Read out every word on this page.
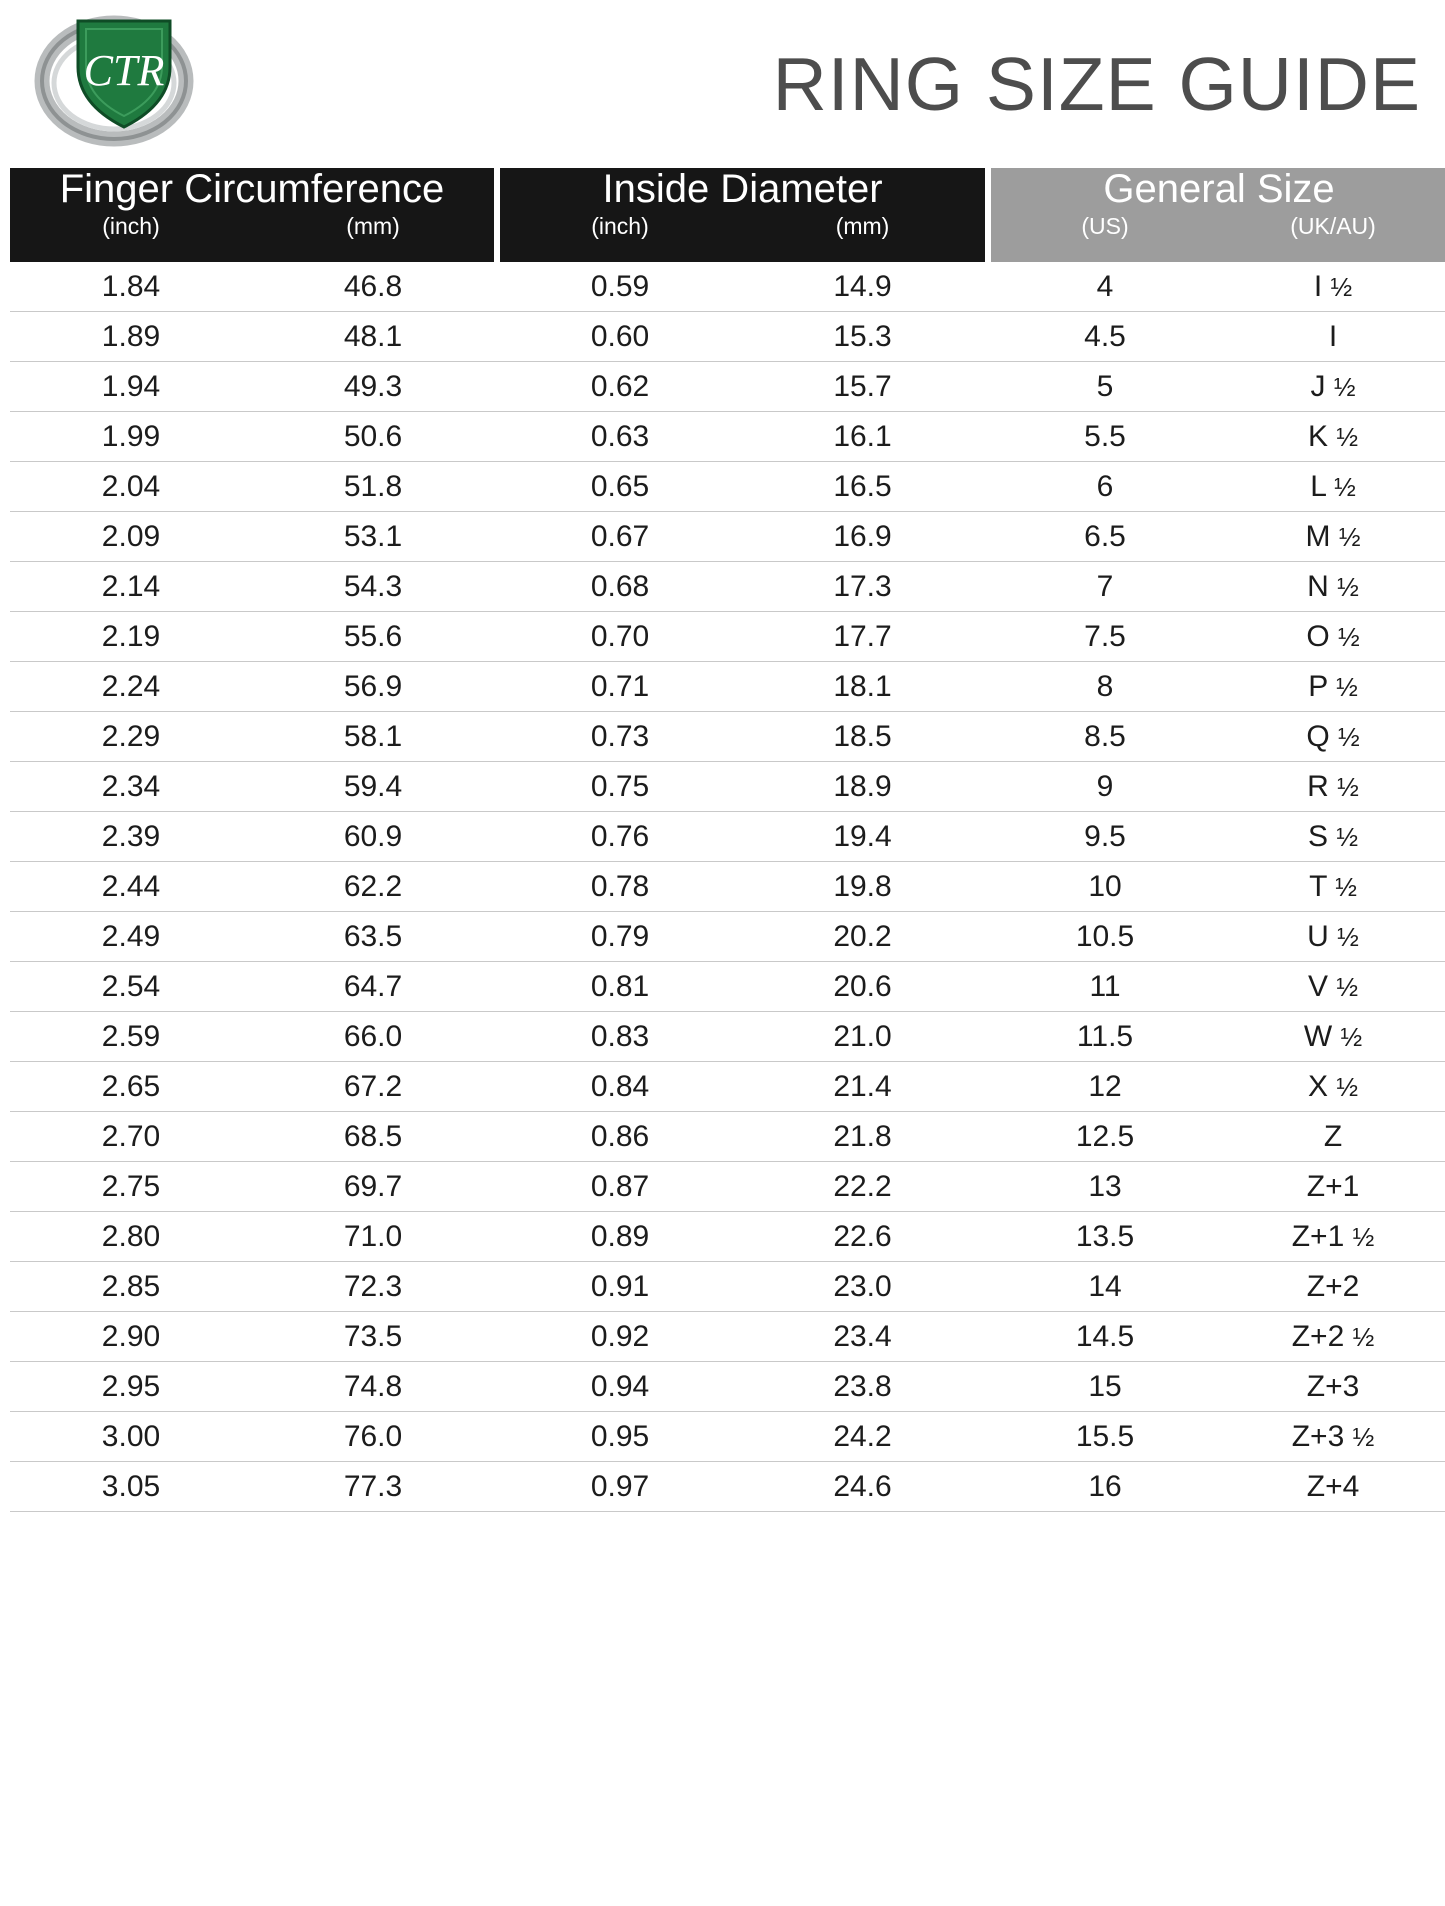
CTR	RING SIZE GUIDE
Finger Circumference			Inside Diameter			General Size	
(inch)	(mm)		(inch)	(mm)		(US)	(UK/AU)
1.84	46.8		0.59	14.9		4	I ½
1.89	48.1		0.60	15.3		4.5	I
1.94	49.3		0.62	15.7		5	J ½
1.99	50.6		0.63	16.1		5.5	K ½
2.04	51.8		0.65	16.5		6	L ½
2.09	53.1		0.67	16.9		6.5	M ½
2.14	54.3		0.68	17.3		7	N ½
2.19	55.6		0.70	17.7		7.5	O ½
2.24	56.9		0.71	18.1		8	P ½
2.29	58.1		0.73	18.5		8.5	Q ½
2.34	59.4		0.75	18.9		9	R ½
2.39	60.9		0.76	19.4		9.5	S ½
2.44	62.2		0.78	19.8		10	T ½
2.49	63.5		0.79	20.2		10.5	U ½
2.54	64.7		0.81	20.6		11	V ½
2.59	66.0		0.83	21.0		11.5	W ½
2.65	67.2		0.84	21.4		12	X ½
2.70	68.5		0.86	21.8		12.5	Z
2.75	69.7		0.87	22.2		13	Z+1
2.80	71.0		0.89	22.6		13.5	Z+1 ½
2.85	72.3		0.91	23.0		14	Z+2
2.90	73.5		0.92	23.4		14.5	Z+2 ½
2.95	74.8		0.94	23.8		15	Z+3
3.00	76.0		0.95	24.2		15.5	Z+3 ½
3.05	77.3		0.97	24.6		16	Z+4
